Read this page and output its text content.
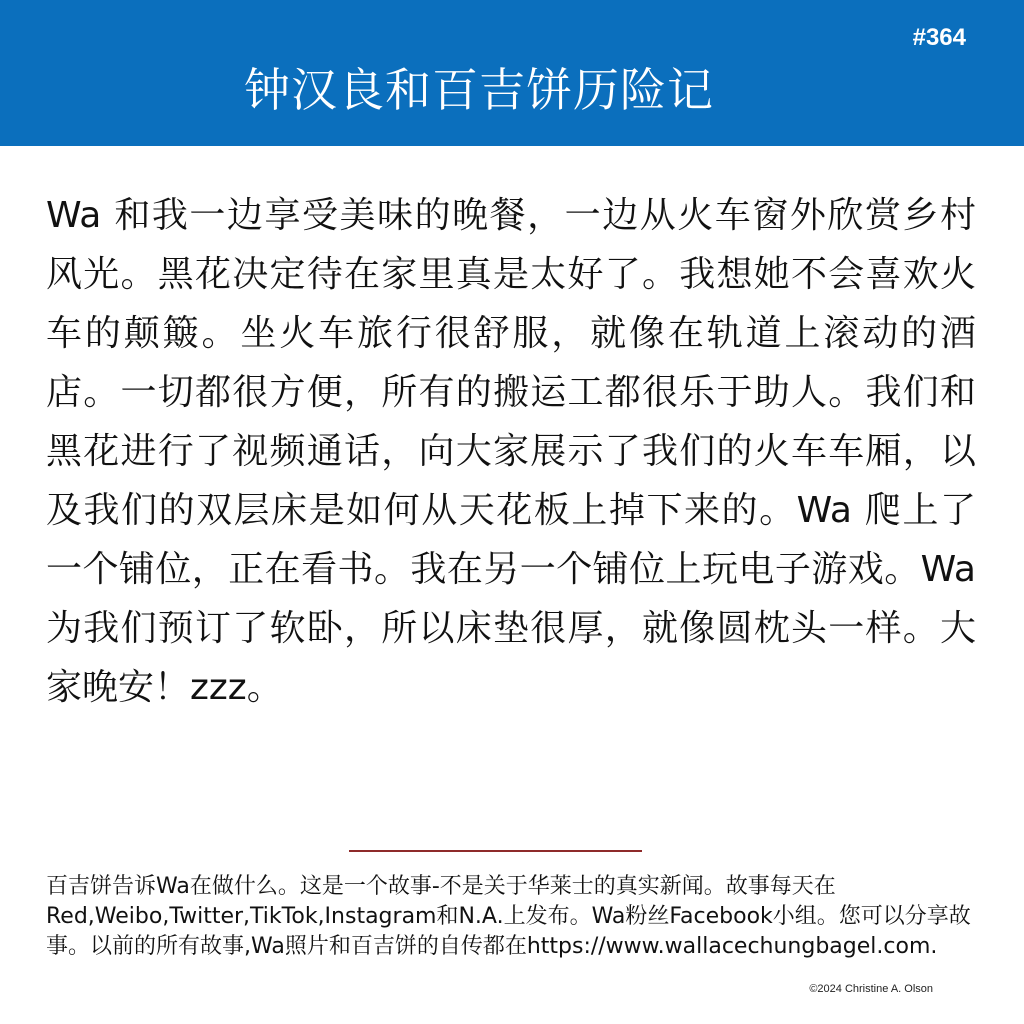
#364
钟汉良和百吉饼历险记

Wa 和我一边享受美味的晚餐，一边从火车窗外欣赏乡村风光。黑花决定待在家里真是太好了。我想她不会喜欢火车的颠簸。坐火车旅行很舒服，就像在轨道上滚动的酒店。一切都很方便，所有的搬运工都很乐于助人。我们和黑花进行了视频通话，向大家展示了我们的火车车厢，以及我们的双层床是如何从天花板上掉下来的。Wa 爬上了一个铺位，正在看书。我在另一个铺位上玩电子游戏。Wa 为我们预订了软卧，所以床垫很厚，就像圆枕头一样。大家晚安！zzz。

百吉饼告诉Wa在做什么。这是一个故事-不是关于华莱士的真实新闻。故事每天在Red,Weibo,Twitter,TikTok,Instagram和N.A.上发布。Wa粉丝Facebook小组。您可以分享故事。以前的所有故事,Wa照片和百吉饼的自传都在https://www.wallacechungbagel.com.

©2024 Christine A. Olson
